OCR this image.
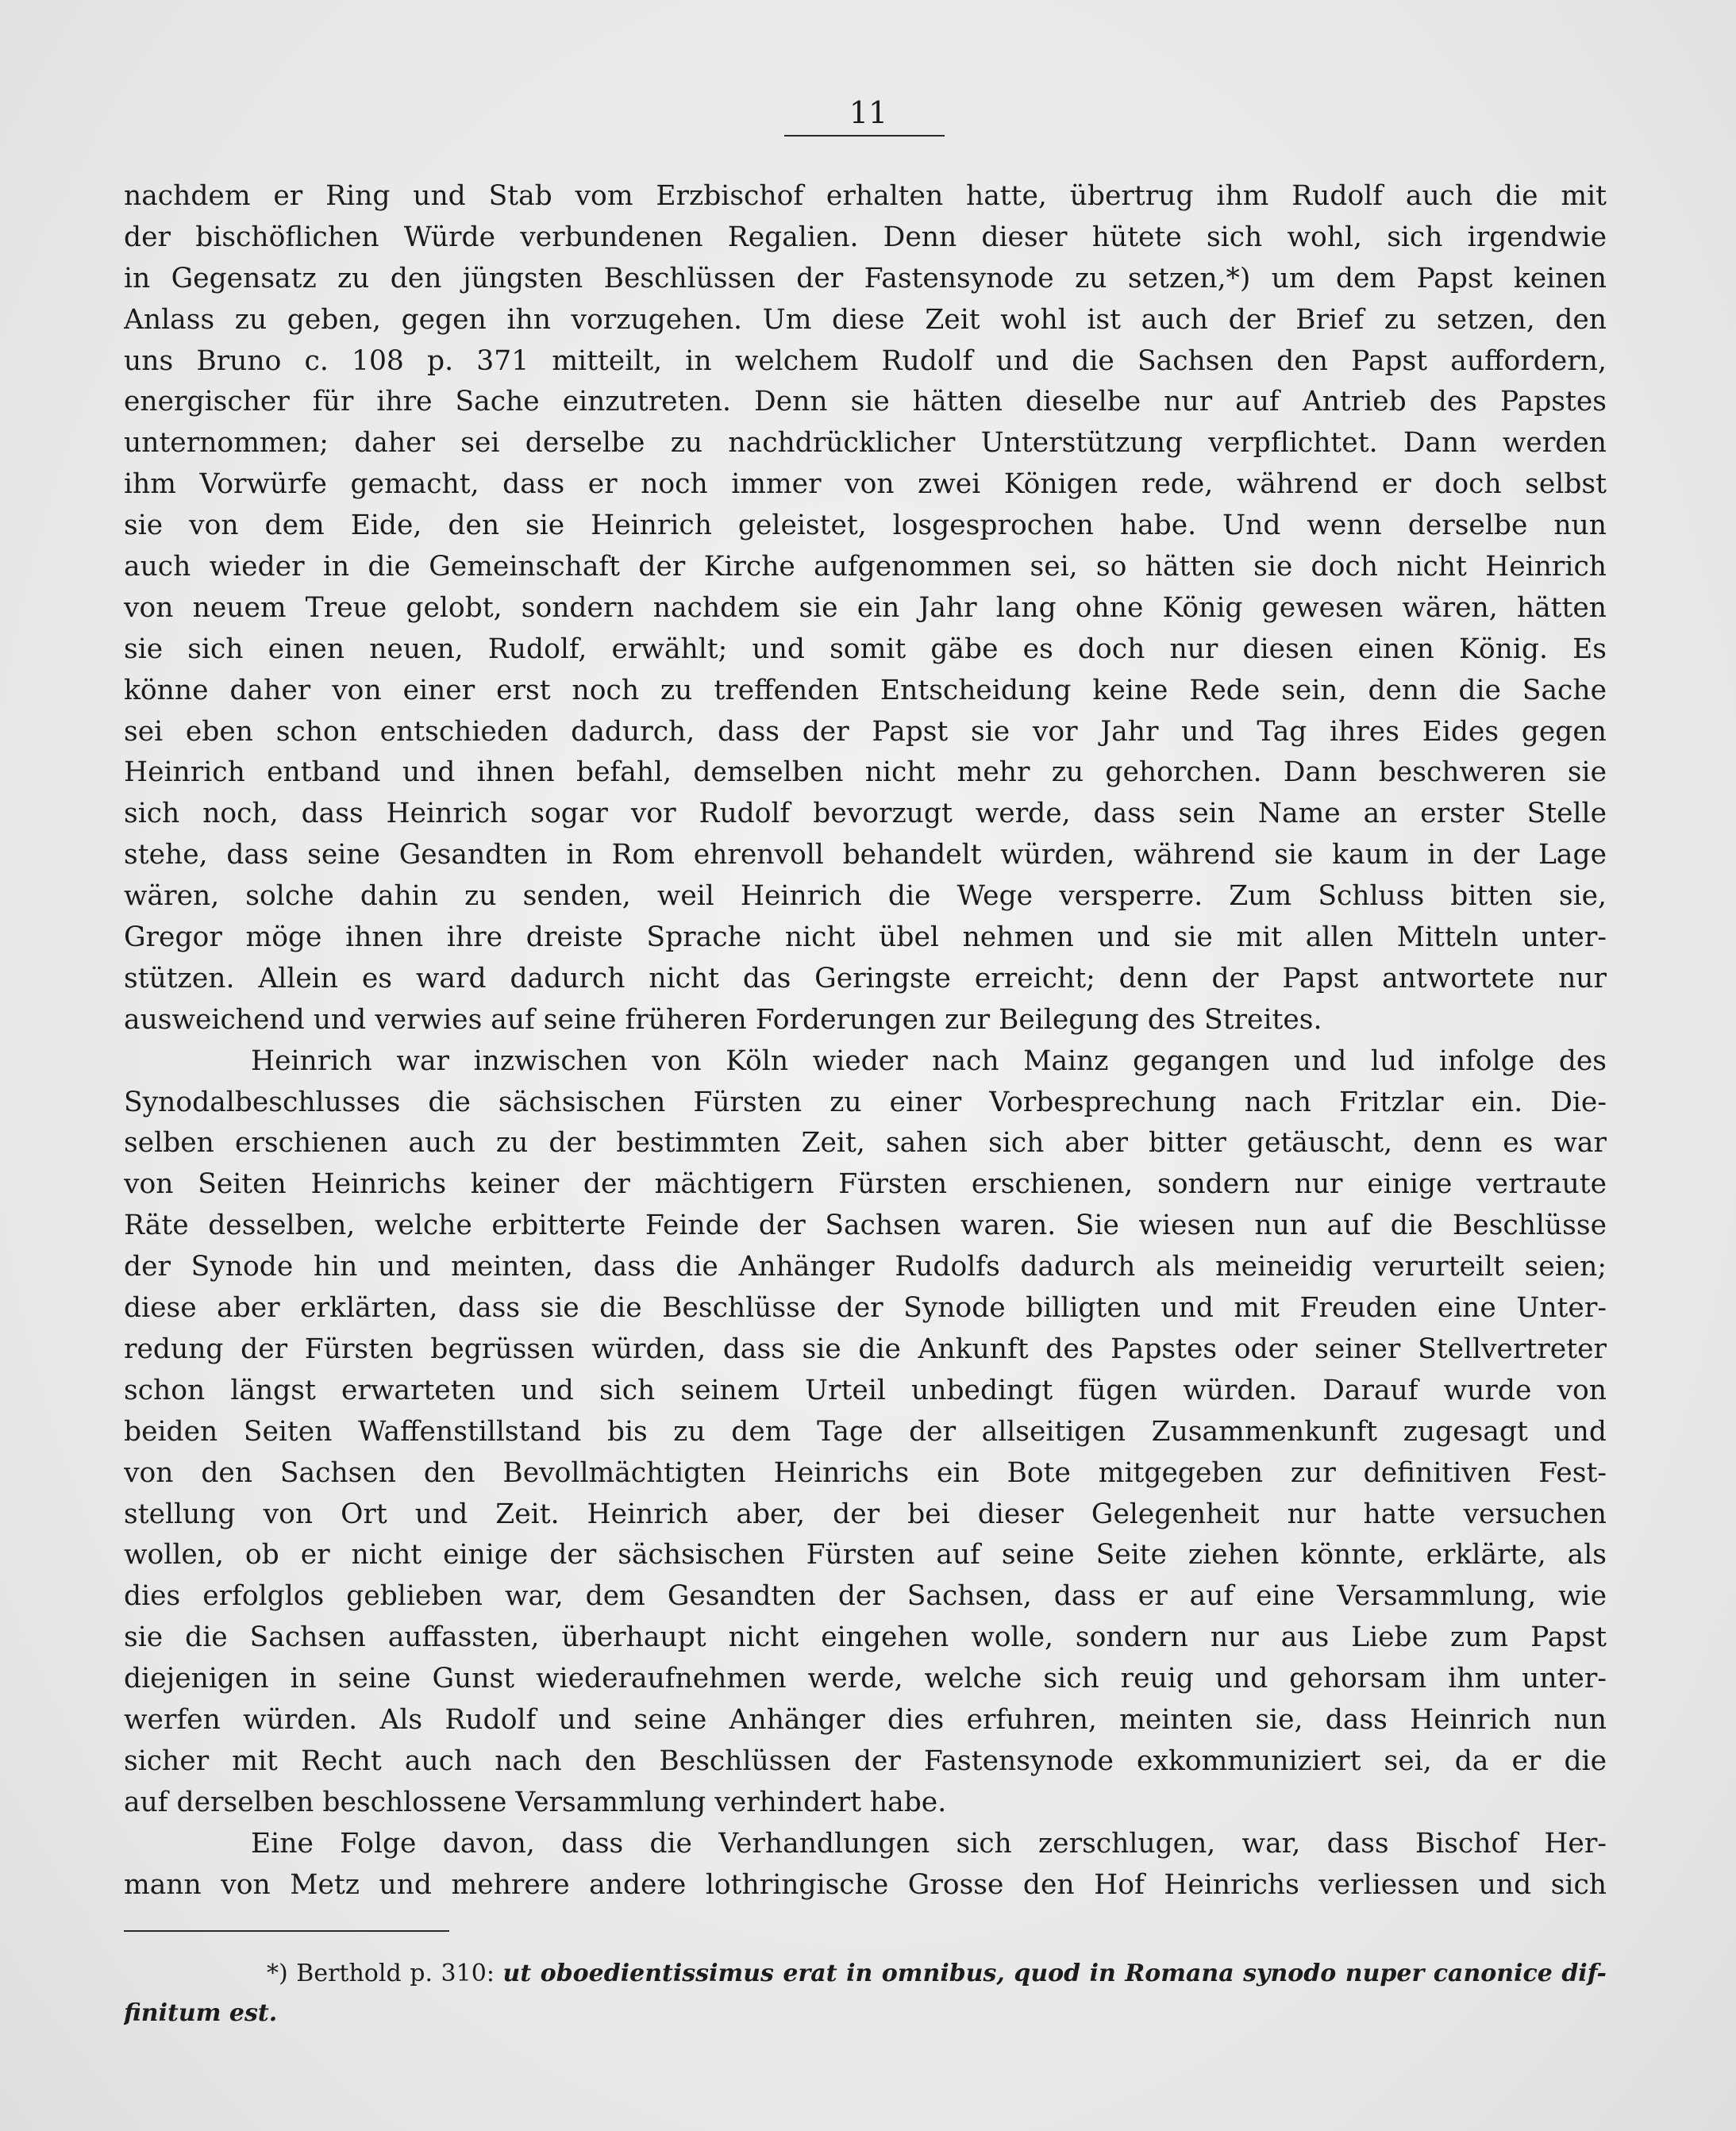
11
nachdem er Ring und Stab vom Erzbischof erhalten hatte, übertrug ihm Rudolf auch die mit
der bischöflichen Würde verbundenen Regalien. Denn dieser hütete sich wohl, sich irgendwie
in Gegensatz zu den jüngsten Beschlüssen der Fastensynode zu setzen,*) um dem Papst keinen
Anlass zu geben, gegen ihn vorzugehen. Um diese Zeit wohl ist auch der Brief zu setzen, den
uns Bruno c. 108 p. 371 mitteilt, in welchem Rudolf und die Sachsen den Papst auffordern,
energischer für ihre Sache einzutreten. Denn sie hätten dieselbe nur auf Antrieb des Papstes
unternommen; daher sei derselbe zu nachdrücklicher Unterstützung verpflichtet. Dann werden
ihm Vorwürfe gemacht, dass er noch immer von zwei Königen rede, während er doch selbst
sie von dem Eide, den sie Heinrich geleistet, losgesprochen habe. Und wenn derselbe nun
auch wieder in die Gemeinschaft der Kirche aufgenommen sei, so hätten sie doch nicht Heinrich
von neuem Treue gelobt, sondern nachdem sie ein Jahr lang ohne König gewesen wären, hätten
sie sich einen neuen, Rudolf, erwählt; und somit gäbe es doch nur diesen einen König. Es
könne daher von einer erst noch zu treffenden Entscheidung keine Rede sein, denn die Sache
sei eben schon entschieden dadurch, dass der Papst sie vor Jahr und Tag ihres Eides gegen
Heinrich entband und ihnen befahl, demselben nicht mehr zu gehorchen. Dann beschweren sie
sich noch, dass Heinrich sogar vor Rudolf bevorzugt werde, dass sein Name an erster Stelle
stehe, dass seine Gesandten in Rom ehrenvoll behandelt würden, während sie kaum in der Lage
wären, solche dahin zu senden, weil Heinrich die Wege versperre. Zum Schluss bitten sie,
Gregor möge ihnen ihre dreiste Sprache nicht übel nehmen und sie mit allen Mitteln unter-
stützen. Allein es ward dadurch nicht das Geringste erreicht; denn der Papst antwortete nur
ausweichend und verwies auf seine früheren Forderungen zur Beilegung des Streites.
Heinrich war inzwischen von Köln wieder nach Mainz gegangen und lud infolge des
Synodalbeschlusses die sächsischen Fürsten zu einer Vorbesprechung nach Fritzlar ein. Die-
selben erschienen auch zu der bestimmten Zeit, sahen sich aber bitter getäuscht, denn es war
von Seiten Heinrichs keiner der mächtigern Fürsten erschienen, sondern nur einige vertraute
Räte desselben, welche erbitterte Feinde der Sachsen waren. Sie wiesen nun auf die Beschlüsse
der Synode hin und meinten, dass die Anhänger Rudolfs dadurch als meineidig verurteilt seien;
diese aber erklärten, dass sie die Beschlüsse der Synode billigten und mit Freuden eine Unter-
redung der Fürsten begrüssen würden, dass sie die Ankunft des Papstes oder seiner Stellvertreter
schon längst erwarteten und sich seinem Urteil unbedingt fügen würden. Darauf wurde von
beiden Seiten Waffenstillstand bis zu dem Tage der allseitigen Zusammenkunft zugesagt und
von den Sachsen den Bevollmächtigten Heinrichs ein Bote mitgegeben zur definitiven Fest-
stellung von Ort und Zeit. Heinrich aber, der bei dieser Gelegenheit nur hatte versuchen
wollen, ob er nicht einige der sächsischen Fürsten auf seine Seite ziehen könnte, erklärte, als
dies erfolglos geblieben war, dem Gesandten der Sachsen, dass er auf eine Versammlung, wie
sie die Sachsen auffassten, überhaupt nicht eingehen wolle, sondern nur aus Liebe zum Papst
diejenigen in seine Gunst wiederaufnehmen werde, welche sich reuig und gehorsam ihm unter-
werfen würden. Als Rudolf und seine Anhänger dies erfuhren, meinten sie, dass Heinrich nun
sicher mit Recht auch nach den Beschlüssen der Fastensynode exkommuniziert sei, da er die
auf derselben beschlossene Versammlung verhindert habe.
Eine Folge davon, dass die Verhandlungen sich zerschlugen, war, dass Bischof Her-
mann von Metz und mehrere andere lothringische Grosse den Hof Heinrichs verliessen und sich
*) Berthold p. 310: ut oboedientissimus erat in omnibus, quod in Romana synodo nuper canonice dif-
finitum est.
